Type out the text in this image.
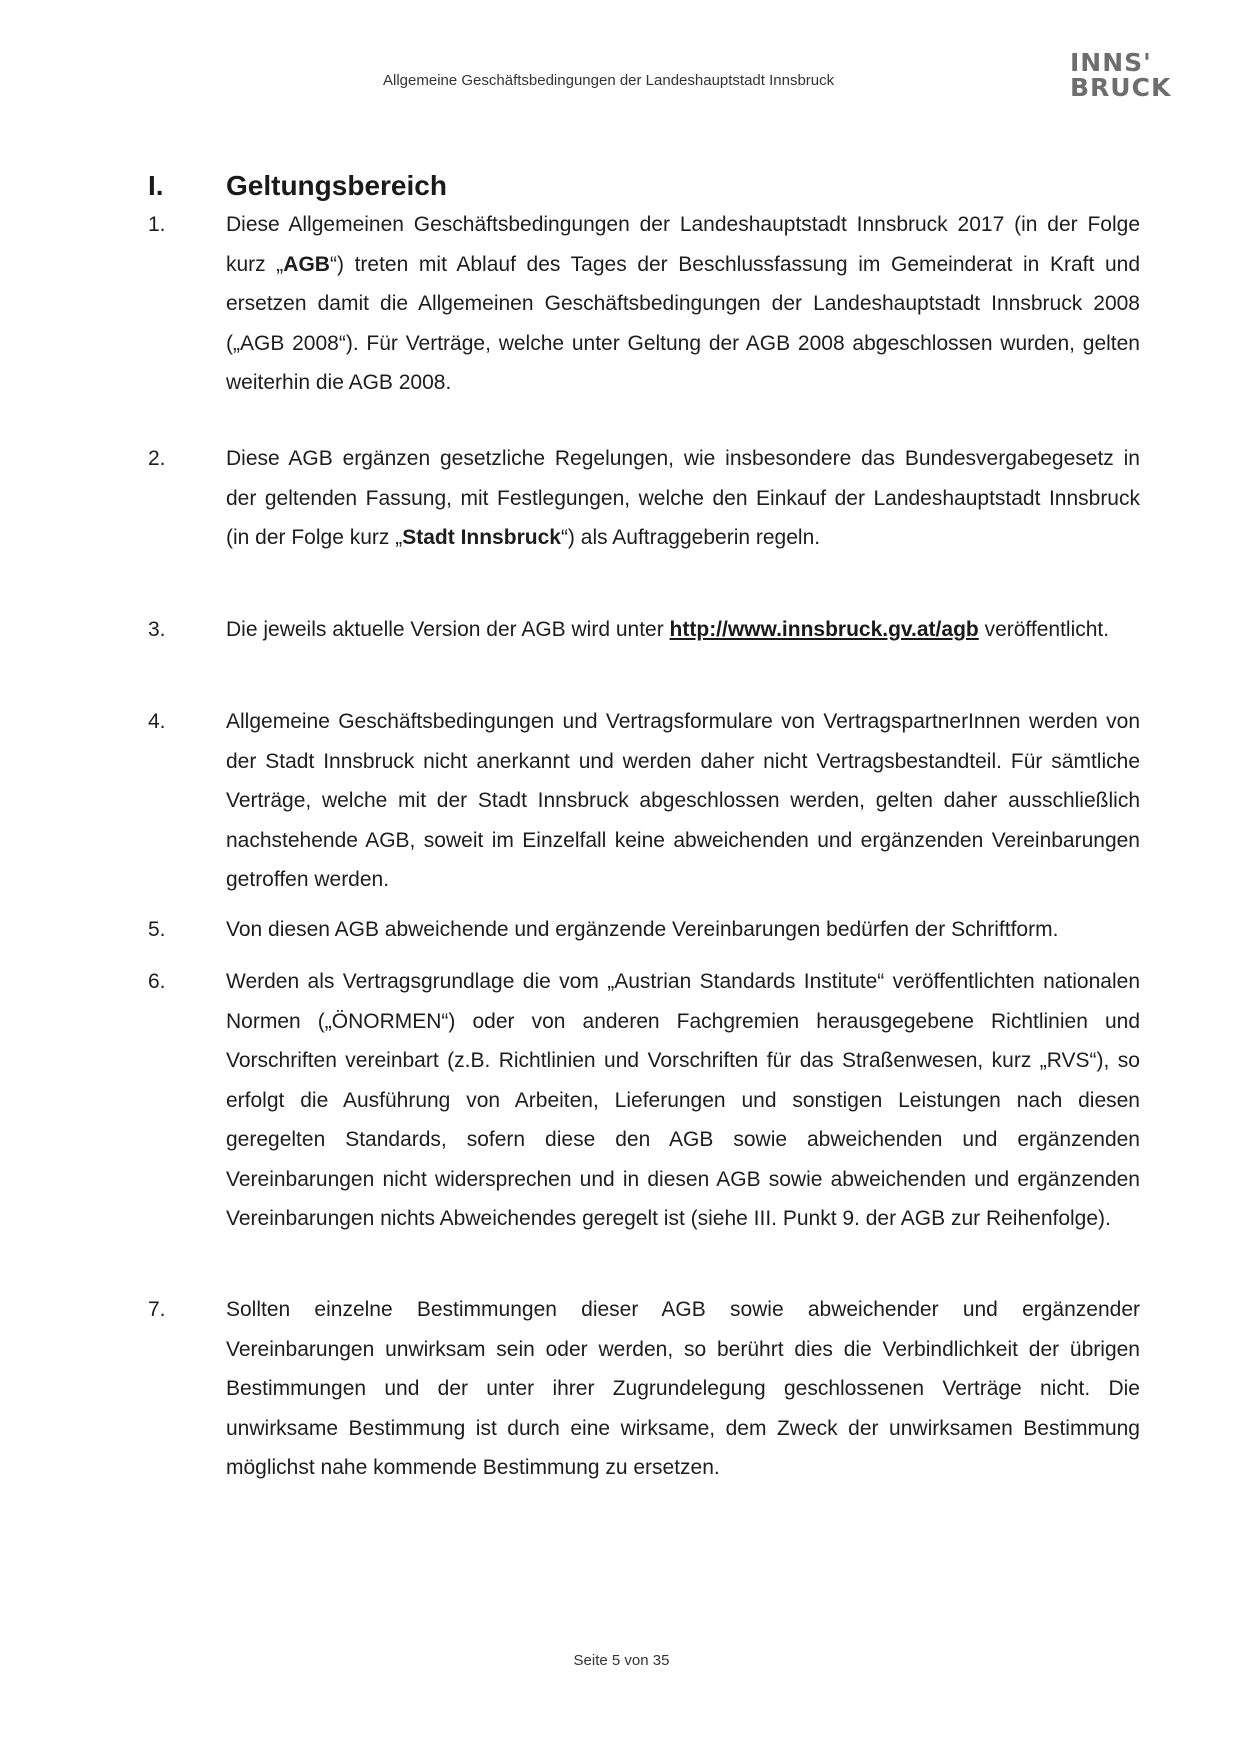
Allgemeine Geschäftsbedingungen der Landeshauptstadt Innsbruck
INNS'
BRUCK
I. Geltungsbereich
1.	Diese Allgemeinen Geschäftsbedingungen der Landeshauptstadt Innsbruck 2017 (in der Folge kurz „AGB“) treten mit Ablauf des Tages der Beschlussfassung im Gemeinderat in Kraft und ersetzen damit die Allgemeinen Geschäftsbedingungen der Landeshauptstadt Innsbruck 2008 („AGB 2008“). Für Verträge, welche unter Geltung der AGB 2008 abgeschlossen wurden, gelten weiterhin die AGB 2008.
2.	Diese AGB ergänzen gesetzliche Regelungen, wie insbesondere das Bundesvergabegesetz in der geltenden Fassung, mit Festlegungen, welche den Einkauf der Landeshauptstadt Innsbruck (in der Folge kurz „Stadt Innsbruck“) als Auftraggeberin regeln.
3.	Die jeweils aktuelle Version der AGB wird unter http://www.innsbruck.gv.at/agb veröffentlicht.
4.	Allgemeine Geschäftsbedingungen und Vertragsformulare von VertragspartnerInnen werden von der Stadt Innsbruck nicht anerkannt und werden daher nicht Vertragsbestandteil. Für sämtliche Verträge, welche mit der Stadt Innsbruck abgeschlossen werden, gelten daher ausschließlich nachstehende AGB, soweit im Einzelfall keine abweichenden und ergänzenden Vereinbarungen getroffen werden.
5.	Von diesen AGB abweichende und ergänzende Vereinbarungen bedürfen der Schriftform.
6.	Werden als Vertragsgrundlage die vom „Austrian Standards Institute“ veröffentlichten nationalen Normen („ÖNORMEN“) oder von anderen Fachgremien herausgegebene Richtlinien und Vorschriften vereinbart (z.B. Richtlinien und Vorschriften für das Straßenwesen, kurz „RVS“), so erfolgt die Ausführung von Arbeiten, Lieferungen und sonstigen Leistungen nach diesen geregelten Standards, sofern diese den AGB sowie abweichenden und ergänzenden Vereinbarungen nicht widersprechen und in diesen AGB sowie abweichenden und ergänzenden Vereinbarungen nichts Abweichendes geregelt ist (siehe III. Punkt 9. der AGB zur Reihenfolge).
7.	Sollten einzelne Bestimmungen dieser AGB sowie abweichender und ergänzender Vereinbarungen unwirksam sein oder werden, so berührt dies die Verbindlichkeit der übrigen Bestimmungen und der unter ihrer Zugrundelegung geschlossenen Verträge nicht. Die unwirksame Bestimmung ist durch eine wirksame, dem Zweck der unwirksamen Bestimmung möglichst nahe kommende Bestimmung zu ersetzen.
Seite 5 von 35
